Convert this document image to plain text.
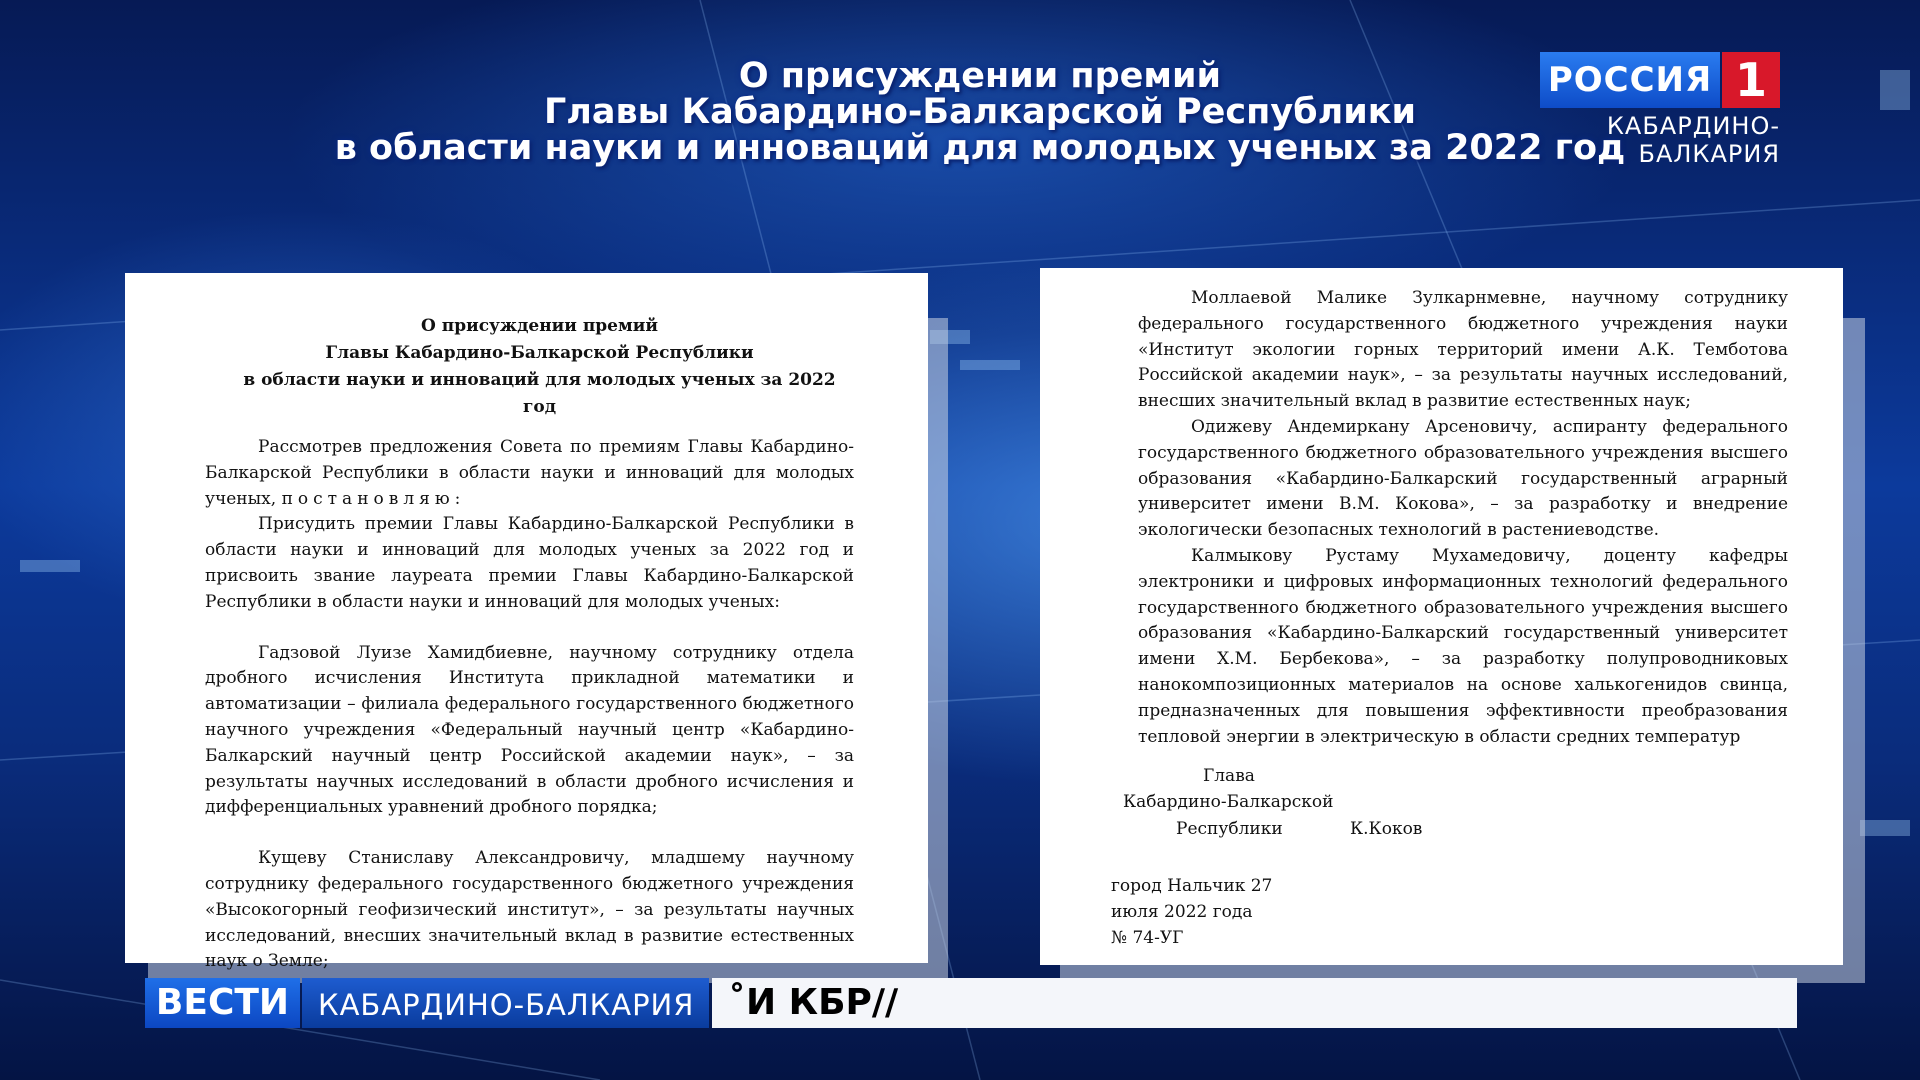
О присуждении премий
Главы Кабардино-Балкарской Республики
в области науки и инноваций для молодых ученых за 2022 год
РОССИЯ 1
КАБАРДИНО-
БАЛКАРИЯ
О присуждении премий
Главы Кабардино-Балкарской Республики
в области науки и инноваций для молодых ученых за 2022 год
Рассмотрев предложения Совета по премиям Главы Кабардино-Балкарской Республики в области науки и инноваций для молодых ученых, постановляю:
Присудить премии Главы Кабардино-Балкарской Республики в области науки и инноваций для молодых ученых за 2022 год и присвоить звание лауреата премии Главы Кабардино-Балкарской Республики в области науки и инноваций для молодых ученых:
Гадзовой Луизе Хамидбиевне, научному сотруднику отдела дробного исчисления Института прикладной математики и автоматизации – филиала федерального государственного бюджетного научного учреждения «Федеральный научный центр «Кабардино-Балкарский научный центр Российской академии наук», – за результаты научных исследований в области дробного исчисления и дифференциальных уравнений дробного порядка;
Кущеву Станиславу Александровичу, младшему научному сотруднику федерального государственного бюджетного учреждения «Высокогорный геофизический институт», – за результаты научных исследований, внесших значительный вклад в развитие естественных наук о Земле;
Моллаевой Малике Зулкарнмевне, научному сотруднику федерального государственного бюджетного учреждения науки «Институт экологии горных территорий имени А.К. Темботова Российской академии наук», – за результаты научных исследований, внесших значительный вклад в развитие естественных наук;
Одижеву Андемиркану Арсеновичу, аспиранту федерального государственного бюджетного образовательного учреждения высшего образования «Кабардино-Балкарский государственный аграрный университет имени В.М. Кокова», – за разработку и внедрение экологически безопасных технологий в растениеводстве.
Калмыкову Рустаму Мухамедовичу, доценту кафедры электроники и цифровых информационных технологий федерального государственного бюджетного образовательного учреждения высшего образования «Кабардино-Балкарский государственный университет имени Х.М. Бербекова», – за разработку полупроводниковых нанокомпозиционных материалов на основе халькогенидов свинца, предназначенных для повышения эффективности преобразования тепловой энергии в электрическую в области средних температур
Глава
Кабардино-Балкарской
Республики	К.Коков
город Нальчик 27 июля 2022 года
№ 74-УГ
ВЕСТИ КАБАРДИНО-БАЛКАРИЯ ˚И КБР//
